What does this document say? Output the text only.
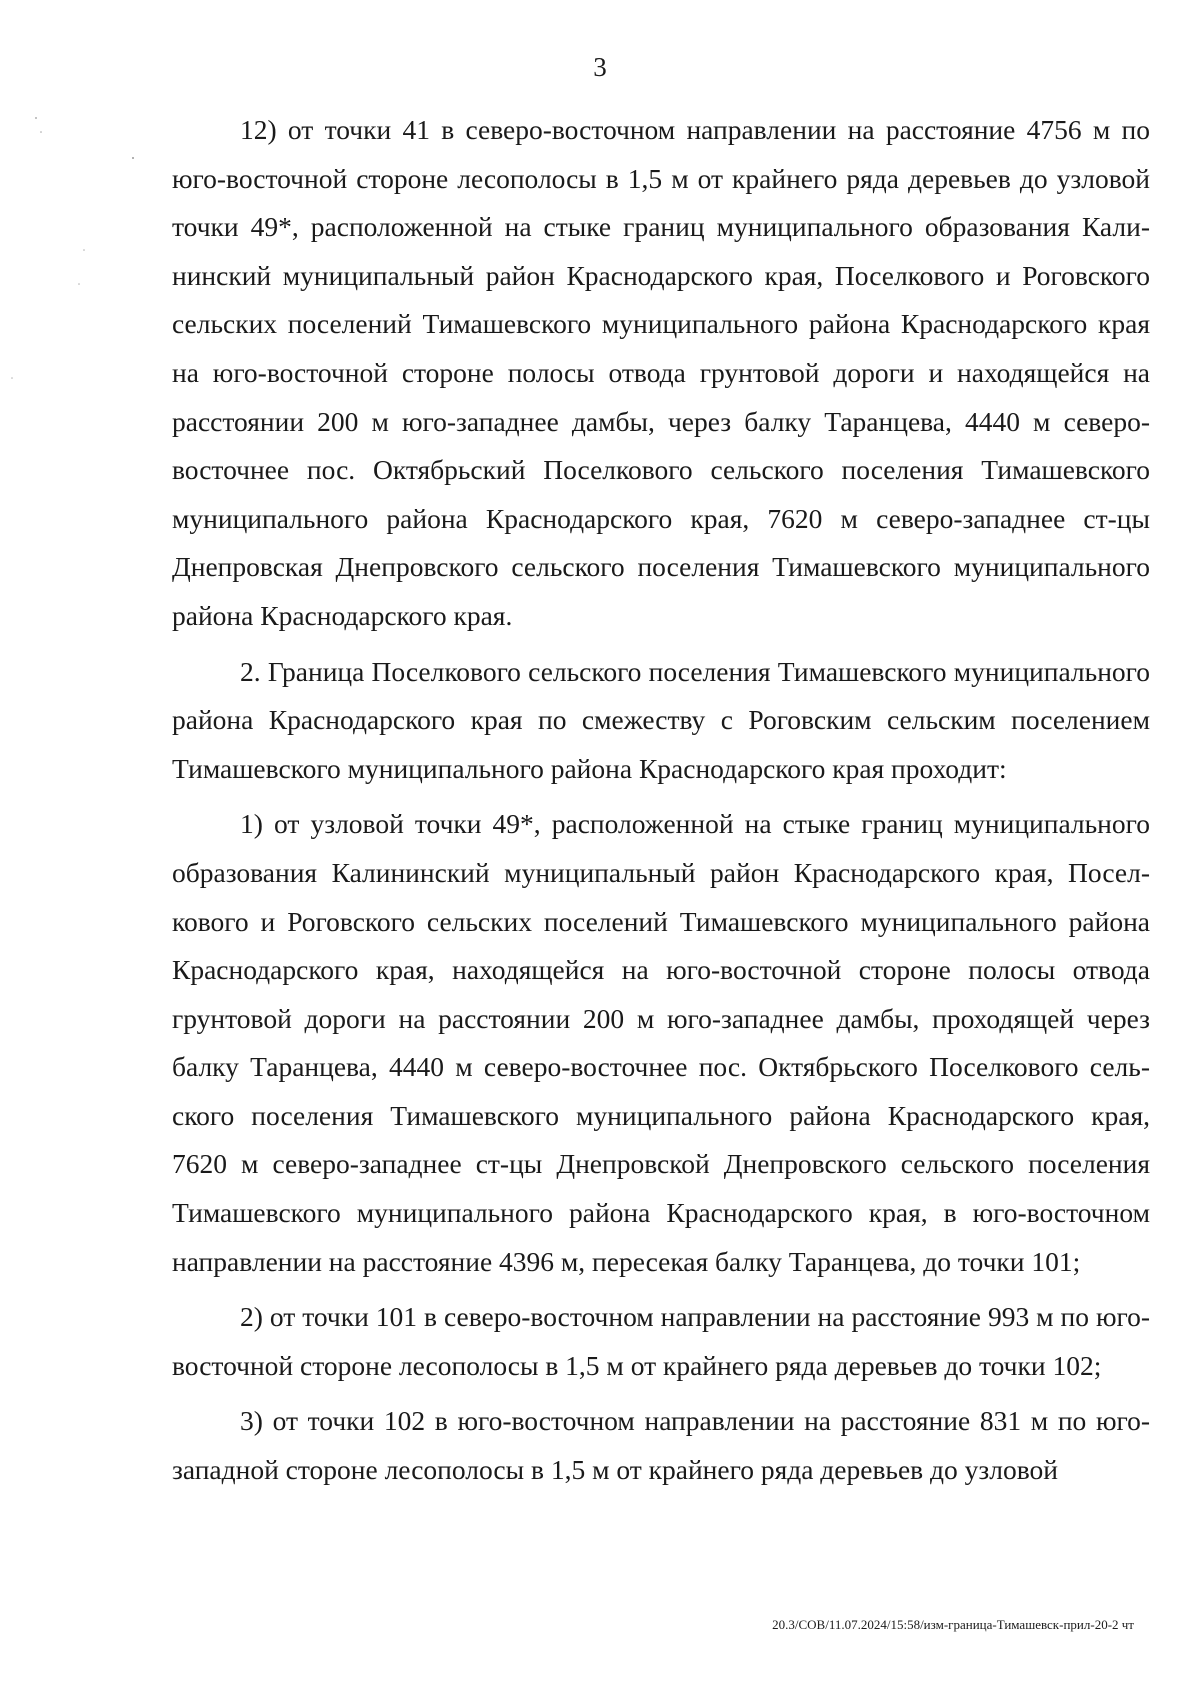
3

12) от точки 41 в северо-восточном направлении на расстояние 4756 м по юго-восточной стороне лесополосы в 1,5 м от крайнего ряда деревьев до узловой точки 49*, расположенной на стыке границ муниципального образования Калининский муниципальный район Краснодарского края, Поселкового и Роговского сельских поселений Тимашевского муниципального района Краснодарского края на юго-восточной стороне полосы отвода грунтовой дороги и находящейся на расстоянии 200 м юго-западнее дамбы, через балку Таранцева, 4440 м северо-восточнее пос. Октябрьский Поселкового сельского поселения Тимашевского муниципального района Краснодарского края, 7620 м северо-западнее ст-цы Днепровская Днепровского сельского поселения Тимашевского муниципального района Краснодарского края.

2. Граница Поселкового сельского поселения Тимашевского муниципального района Краснодарского края по смежеству с Роговским сельским поселением Тимашевского муниципального района Краснодарского края проходит:

1) от узловой точки 49*, расположенной на стыке границ муниципального образования Калининский муниципальный район Краснодарского края, Поселкового и Роговского сельских поселений Тимашевского муниципального района Краснодарского края, находящейся на юго-восточной стороне полосы отвода грунтовой дороги на расстоянии 200 м юго-западнее дамбы, проходящей через балку Таранцева, 4440 м северо-восточнее пос. Октябрьского Поселкового сельского поселения Тимашевского муниципального района Краснодарского края, 7620 м северо-западнее ст-цы Днепровской Днепровского сельского поселения Тимашевского муниципального района Краснодарского края, в юго-восточном направлении на расстояние 4396 м, пересекая балку Таранцева, до точки 101;

2) от точки 101 в северо-восточном направлении на расстояние 993 м по юго-восточной стороне лесополосы в 1,5 м от крайнего ряда деревьев до точки 102;

3) от точки 102 в юго-восточном направлении на расстояние 831 м по юго-западной стороне лесополосы в 1,5 м от крайнего ряда деревьев до узловой

20.3/СОВ/11.07.2024/15:58/изм-граница-Тимашевск-прил-20-2 чт
